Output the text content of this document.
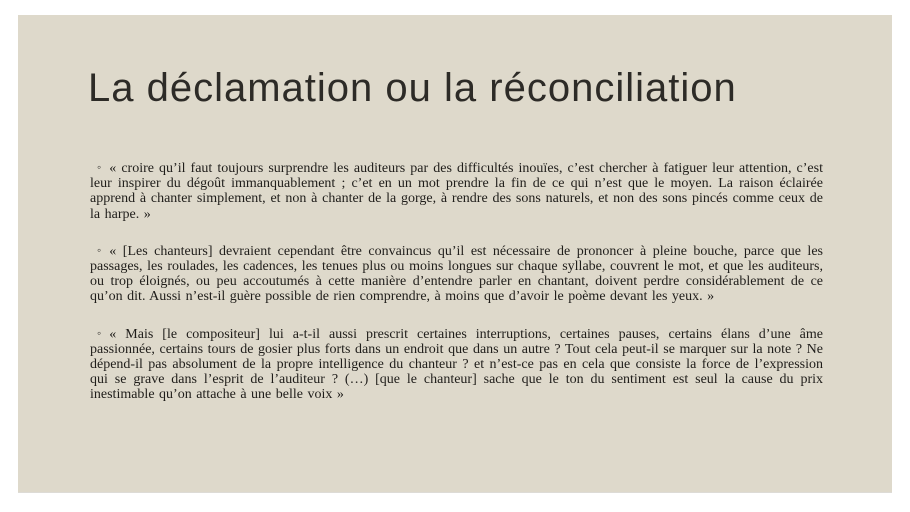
La déclamation ou la réconciliation

◦ « croire qu’il faut toujours surprendre les auditeurs par des difficultés inouïes, c’est chercher à fatiguer leur attention, c’est leur inspirer du dégoût immanquablement ; c’et en un mot prendre la fin de ce qui n’est que le moyen. La raison éclairée apprend à chanter simplement, et non à chanter de la gorge, à rendre des sons naturels, et non des sons pincés comme ceux de la harpe. »

◦ « [Les chanteurs] devraient cependant être convaincus qu’il est nécessaire de prononcer à pleine bouche, parce que les passages, les roulades, les cadences, les tenues plus ou moins longues sur chaque syllabe, couvrent le mot, et que les auditeurs, ou trop éloignés, ou peu accoutumés à cette manière d’entendre parler en chantant, doivent perdre considérablement de ce qu’on dit. Aussi n’est-il guère possible de rien comprendre, à moins que d’avoir le poème devant les yeux. »

◦ « Mais [le compositeur] lui a-t-il aussi prescrit certaines interruptions, certaines pauses, certains élans d’une âme passionnée, certains tours de gosier plus forts dans un endroit que dans un autre ? Tout cela peut-il se marquer sur la note ? Ne dépend-il pas absolument de la propre intelligence du chanteur ? et n’est-ce pas en cela que consiste la force de l’expression qui se grave dans l’esprit de l’auditeur ? (…) [que le chanteur] sache que le ton du sentiment est seul la cause du prix inestimable qu’on attache à une belle voix »
